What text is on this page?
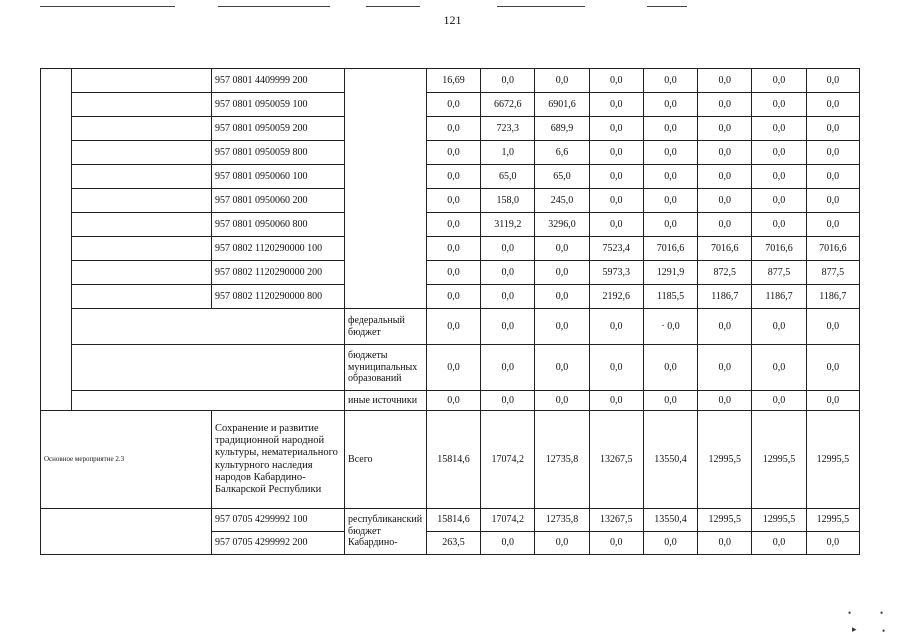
121
		957 0801 4409999 200		16,69	0,0	0,0	0,0	0,0	0,0	0,0	0,0
		957 0801 0950059 100		0,0	6672,6	6901,6	0,0	0,0	0,0	0,0	0,0
		957 0801 0950059 200		0,0	723,3	689,9	0,0	0,0	0,0	0,0	0,0
		957 0801 0950059 800		0,0	1,0	6,6	0,0	0,0	0,0	0,0	0,0
		957 0801 0950060 100		0,0	65,0	65,0	0,0	0,0	0,0	0,0	0,0
		957 0801 0950060 200		0,0	158,0	245,0	0,0	0,0	0,0	0,0	0,0
		957 0801 0950060 800		0,0	3119,2	3296,0	0,0	0,0	0,0	0,0	0,0
		957 0802 1120290000 100		0,0	0,0	0,0	7523,4	7016,6	7016,6	7016,6	7016,6
		957 0802 1120290000 200		0,0	0,0	0,0	5973,3	1291,9	872,5	877,5	877,5
		957 0802 1120290000 800		0,0	0,0	0,0	2192,6	1185,5	1186,7	1186,7	1186,7
			федеральный бюджет	0,0	0,0	0,0	0,0	· 0,0	0,0	0,0	0,0
			бюджеты муниципальных образований	0,0	0,0	0,0	0,0	0,0	0,0	0,0	0,0
			иные источники	0,0	0,0	0,0	0,0	0,0	0,0	0,0	0,0
Основное мероприятие 2.3		Сохранение и развитие традиционной народной культуры, нематериального культурного наследия народов Кабардино-Балкарской Республики	Всего	15814,6	17074,2	12735,8	13267,5	13550,4	12995,5	12995,5	12995,5
		957 0705 4299992 100	республиканский бюджет Кабардино-	15814,6	17074,2	12735,8	13267,5	13550,4	12995,5	12995,5	12995,5
		957 0705 4299992 200		263,5	0,0	0,0	0,0	0,0	0,0	0,0	0,0
•	•
▸	•
